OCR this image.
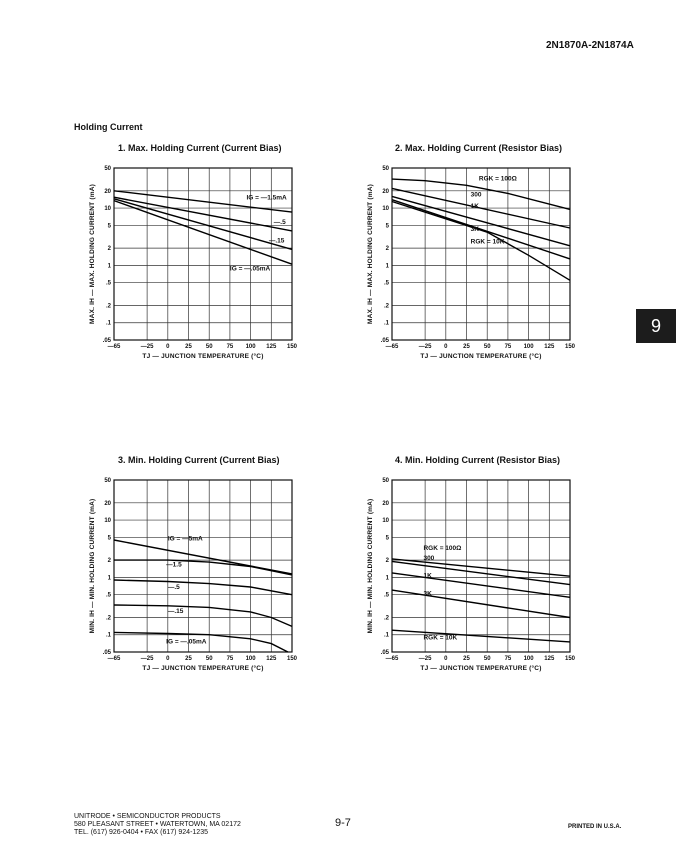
2N1870A-2N1874A
Holding Current
9
1. Max. Holding Current (Current Bias)	2. Max. Holding Current (Resistor Bias)
3. Min. Holding Current (Current Bias)	4. Min. Holding Current (Resistor Bias)
—65	—25 0	25 50 75 100 125 150
.05
.1
.2
.5
1
2
5
10
20
50
IG = —1.5mA
—.5
—.15
IG = —.05mA
TJ — JUNCTION TEMPERATURE (°C)
MAX. IH — MAX. HOLDING CURRENT (mA)
—65	—25 0	25 50 75 100 125 150
.05
.1
.2
.5
1
2
5
10
20
50
RGK = 100Ω
300
1K
3K
RGK = 10K
TJ — JUNCTION TEMPERATURE (°C)
MAX. IH — MAX. HOLDING CURRENT (mA)
—65	—25 0	25 50 75 100 125 150
.05
.1
.2
.5
1
2
5
10
20
50
IG = —5mA
—1.5
—.5
—.15
IG = —.05mA
TJ — JUNCTION TEMPERATURE (°C)
MIN. IH — MIN. HOLDING CURRENT (mA)
—65	—25 0	25 50 75 100 125 150
.05
.1
.2
.5
1
2
5
10
20
50
RGK = 100Ω
300
1K
3K
RGK = 10K
TJ — JUNCTION TEMPERATURE (°C)
MIN. IH — MIN. HOLDING CURRENT (mA)
UNITRODE • SEMICONDUCTOR PRODUCTS
580 PLEASANT STREET • WATERTOWN, MA 02172
TEL. (617) 926-0404 • FAX (617) 924-1235
9-7	PRINTED IN U.S.A.
